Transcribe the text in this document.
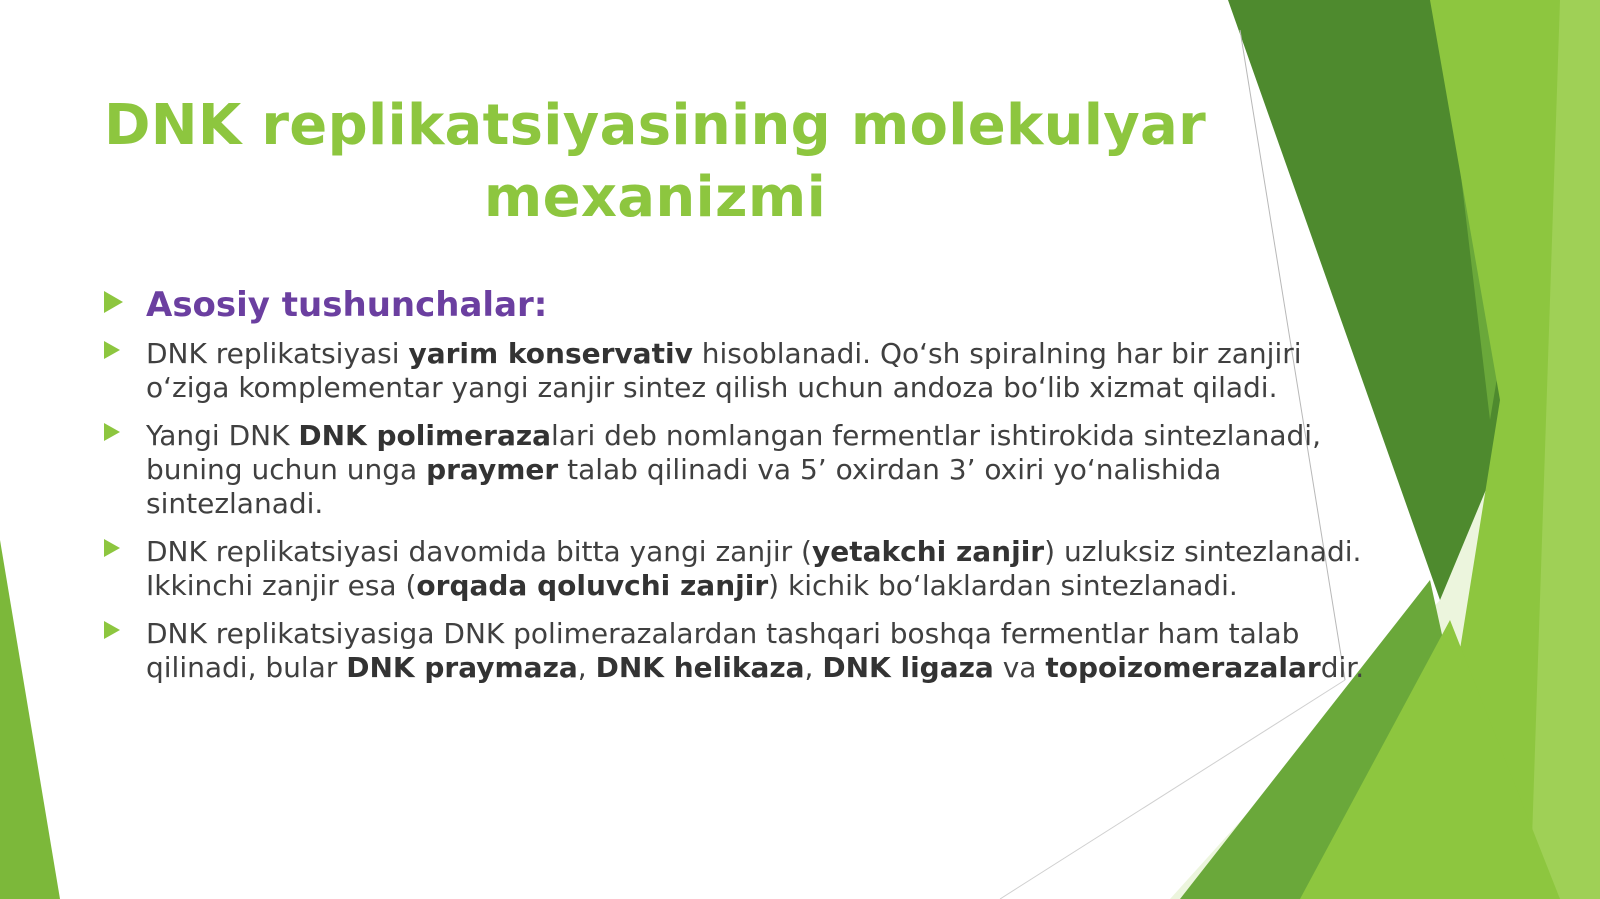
DNK replikatsiyasining molekulyar mexanizmi
Asosiy tushunchalar:
DNK replikatsiyasi yarim konservativ hisoblanadi. Qo‘sh spiralning har bir zanjiri o‘ziga komplementar yangi zanjir sintez qilish uchun andoza bo‘lib xizmat qiladi.
Yangi DNK DNK polimerazalari deb nomlangan fermentlar ishtirokida sintezlanadi, buning uchun unga praymer talab qilinadi va 5’ oxirdan 3’ oxiri yo‘nalishida sintezlanadi.
DNK replikatsiyasi davomida bitta yangi zanjir (yetakchi zanjir) uzluksiz sintezlanadi. Ikkinchi zanjir esa (orqada qoluvchi zanjir) kichik bo‘laklardan sintezlanadi.
DNK replikatsiyasiga DNK polimerazalardan tashqari boshqa fermentlar ham talab qilinadi, bular DNK praymaza, DNK helikaza, DNK ligaza va topoizomerazalardir.
